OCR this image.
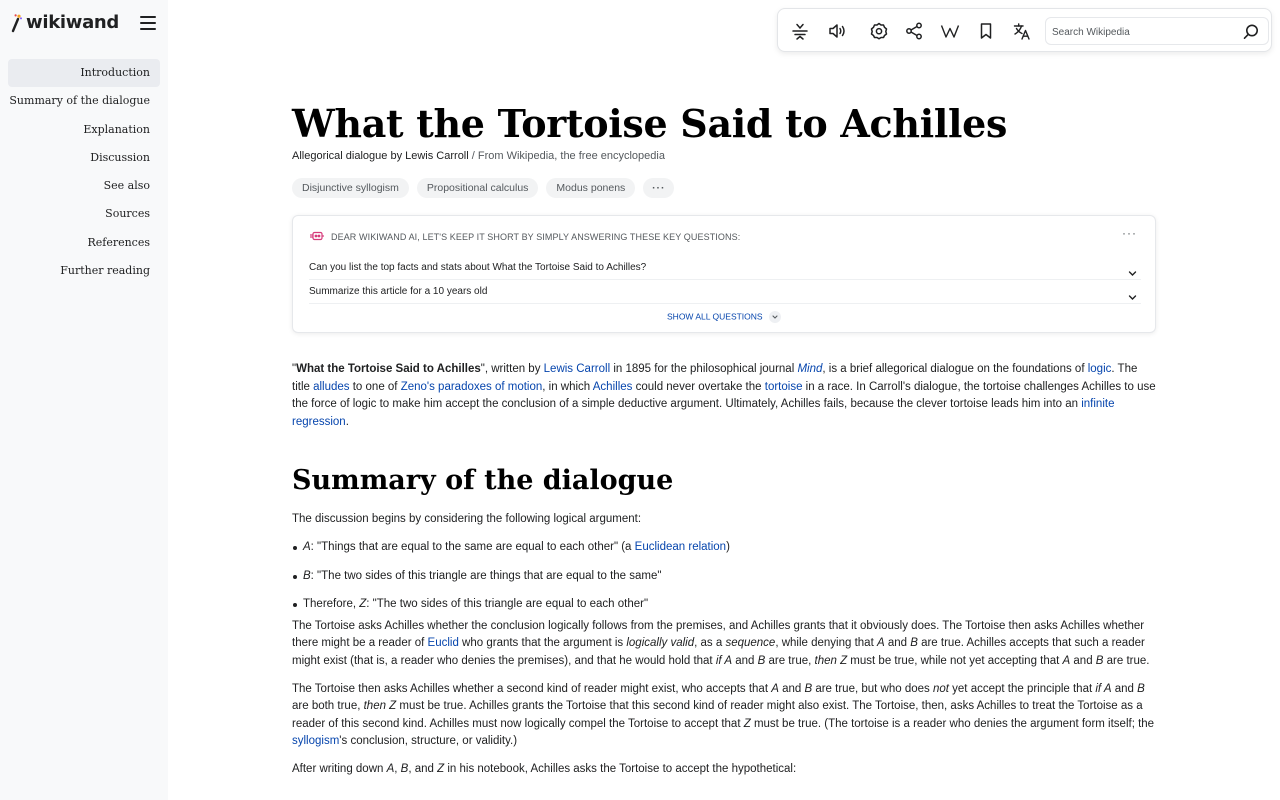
wikiwand
Introduction
Summary of the dialogue
Explanation
Discussion
See also
Sources
References
Further reading
Search Wikipedia
What the Tortoise Said to Achilles
Allegorical dialogue by Lewis Carroll / From Wikipedia, the free encyclopedia
Disjunctive syllogism	Propositional calculus	Modus ponens	···
DEAR WIKIWAND AI, LET'S KEEP IT SHORT BY SIMPLY ANSWERING THESE KEY QUESTIONS:	···
Can you list the top facts and stats about What the Tortoise Said to Achilles?
Summarize this article for a 10 years old
SHOW ALL QUESTIONS

"What the Tortoise Said to Achilles", written by Lewis Carroll in 1895 for the philosophical journal Mind, is a brief allegorical dialogue on the foundations of logic. The title alludes to one of Zeno's paradoxes of motion, in which Achilles could never overtake the tortoise in a race. In Carroll's dialogue, the tortoise challenges Achilles to use the force of logic to make him accept the conclusion of a simple deductive argument. Ultimately, Achilles fails, because the clever tortoise leads him into an infinite regression.

Summary of the dialogue

The discussion begins by considering the following logical argument:

A: "Things that are equal to the same are equal to each other" (a Euclidean relation)
B: "The two sides of this triangle are things that are equal to the same"
Therefore, Z: "The two sides of this triangle are equal to each other"

The Tortoise asks Achilles whether the conclusion logically follows from the premises, and Achilles grants that it obviously does. The Tortoise then asks Achilles whether there might be a reader of Euclid who grants that the argument is logically valid, as a sequence, while denying that A and B are true. Achilles accepts that such a reader might exist (that is, a reader who denies the premises), and that he would hold that if A and B are true, then Z must be true, while not yet accepting that A and B are true.

The Tortoise then asks Achilles whether a second kind of reader might exist, who accepts that A and B are true, but who does not yet accept the principle that if A and B are both true, then Z must be true. Achilles grants the Tortoise that this second kind of reader might also exist. The Tortoise, then, asks Achilles to treat the Tortoise as a reader of this second kind. Achilles must now logically compel the Tortoise to accept that Z must be true. (The tortoise is a reader who denies the argument form itself; the syllogism's conclusion, structure, or validity.)

After writing down A, B, and Z in his notebook, Achilles asks the Tortoise to accept the hypothetical:
